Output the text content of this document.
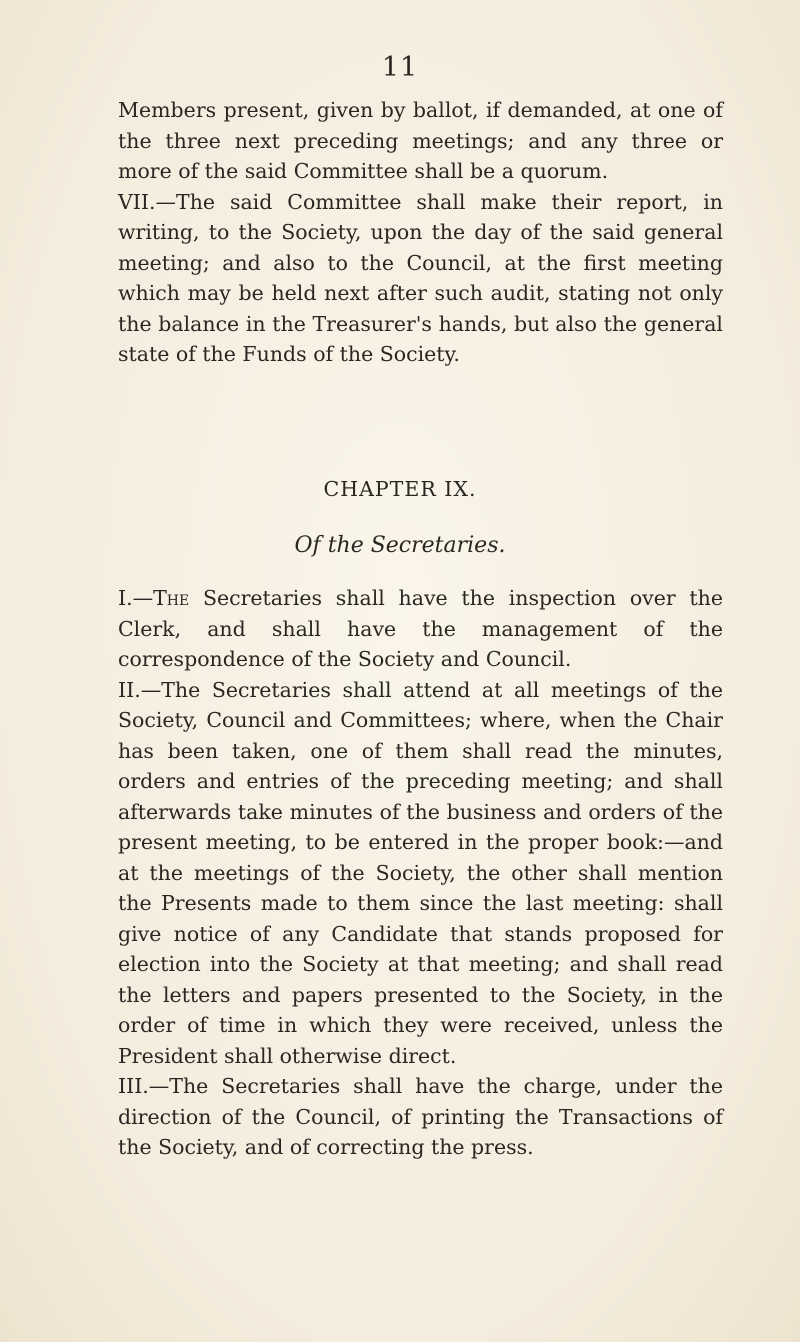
11

Members present, given by ballot, if demanded, at one of the three next preceding meetings; and any three or more of the said Committee shall be a quorum.

VII.—The said Committee shall make their report, in writing, to the Society, upon the day of the said general meeting; and also to the Council, at the first meeting which may be held next after such audit, stating not only the balance in the Treasurer's hands, but also the general state of the Funds of the Society.

CHAPTER IX.
Of the Secretaries.

I.—The Secretaries shall have the inspection over the Clerk, and shall have the management of the correspondence of the Society and Council.

II.—The Secretaries shall attend at all meetings of the Society, Council and Committees; where, when the Chair has been taken, one of them shall read the minutes, orders and entries of the preceding meeting; and shall afterwards take minutes of the business and orders of the present meeting, to be entered in the proper book:—and at the meetings of the Society, the other shall mention the Presents made to them since the last meeting: shall give notice of any Candidate that stands proposed for election into the Society at that meeting; and shall read the letters and papers presented to the Society, in the order of time in which they were received, unless the President shall otherwise direct.

III.—The Secretaries shall have the charge, under the direction of the Council, of printing the Transactions of the Society, and of correcting the press.
